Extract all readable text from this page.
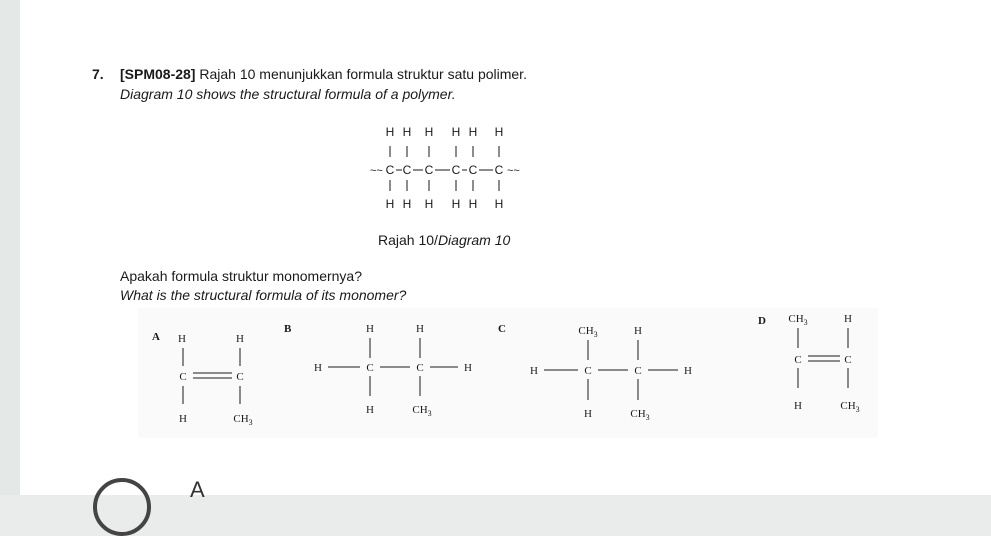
7. [SPM08-28] Rajah 10 menunjukkan formula struktur satu polimer.
Diagram 10 shows the structural formula of a polymer.
H H H H H H
~~ C C C C C C ~~
H H H H H H
Rajah 10/Diagram 10
Apakah formula struktur monomernya?
What is the structural formula of its monomer?
A H	H
C	C
H	$CH_3$
B	H	H
H	C	C	H
H	$CH_3$
C	$CH_3$	H
H	C	C	H
H	$CH_3$
D $CH_3$	H
C	C
H	$CH_3$
A
